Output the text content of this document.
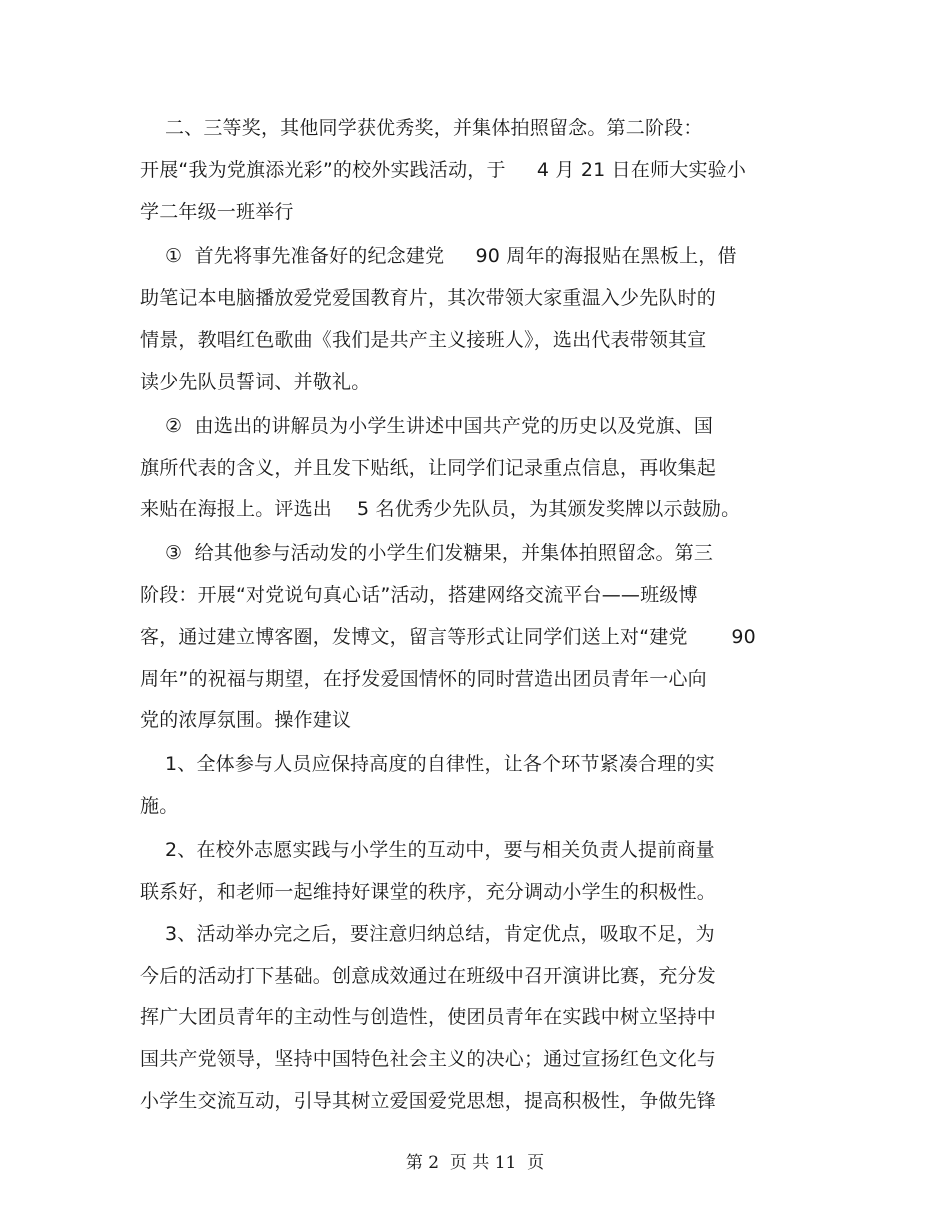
二、三等奖，其他同学获优秀奖，并集体拍照留念。第二阶段：
开展“我为党旗添光彩”的校外实践活动，于     4 月 21 日在师大实验小
学二年级一班举行
①  首先将事先准备好的纪念建党     90 周年的海报贴在黑板上，借
助笔记本电脑播放爱党爱国教育片，其次带领大家重温入少先队时的
情景，教唱红色歌曲《我们是共产主义接班人》，选出代表带领其宣
读少先队员誓词、并敬礼。
②  由选出的讲解员为小学生讲述中国共产党的历史以及党旗、国
旗所代表的含义，并且发下贴纸，让同学们记录重点信息，再收集起
来贴在海报上。评选出    5 名优秀少先队员，为其颁发奖牌以示鼓励。
③  给其他参与活动发的小学生们发糖果，并集体拍照留念。第三
阶段：开展“对党说句真心话”活动，搭建网络交流平台——班级博
客，通过建立博客圈，发博文，留言等形式让同学们送上对“建党       90
周年”的祝福与期望，在抒发爱国情怀的同时营造出团员青年一心向
党的浓厚氛围。操作建议
1、全体参与人员应保持高度的自律性，让各个环节紧凑合理的实
施。
2、在校外志愿实践与小学生的互动中，要与相关负责人提前商量
联系好，和老师一起维持好课堂的秩序，充分调动小学生的积极性。
3、活动举办完之后，要注意归纳总结，肯定优点，吸取不足，为
今后的活动打下基础。创意成效通过在班级中召开演讲比赛，充分发
挥广大团员青年的主动性与创造性，使团员青年在实践中树立坚持中
国共产党领导，坚持中国特色社会主义的决心；通过宣扬红色文化与
小学生交流互动，引导其树立爱国爱党思想，提高积极性，争做先锋
第 2  页 共 11  页
